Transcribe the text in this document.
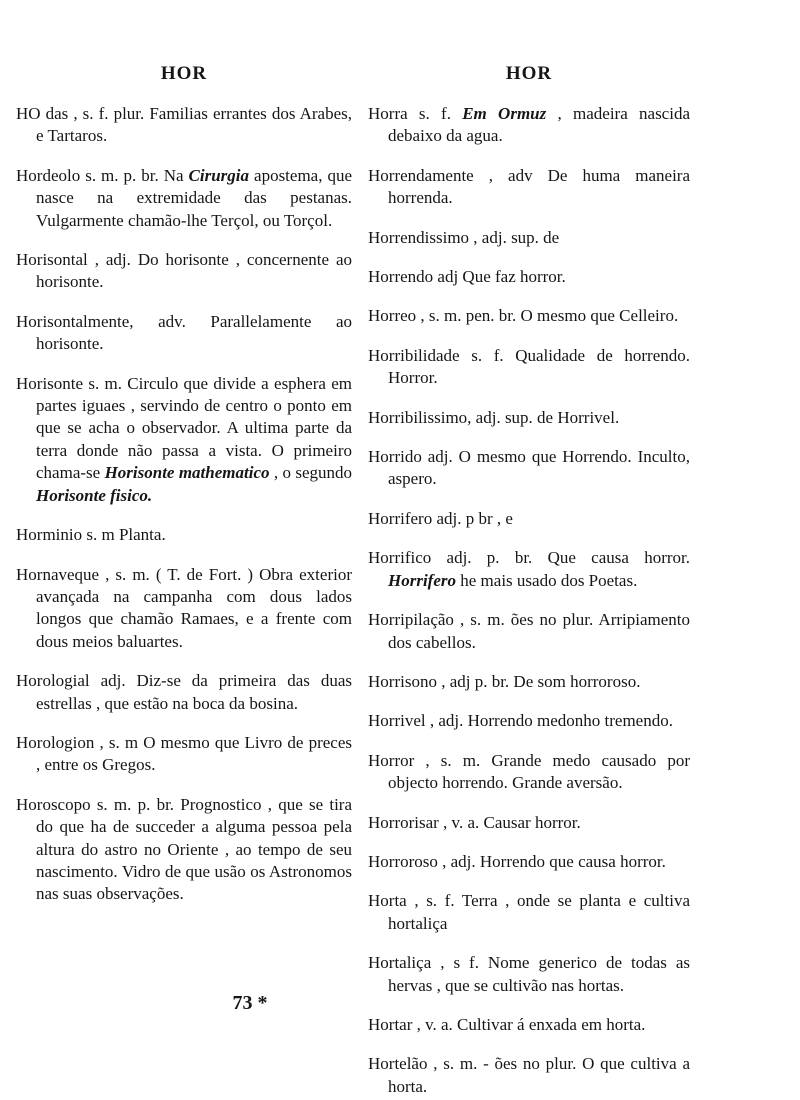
HOR

HO das , s. f. plur. Familias errantes dos Arabes, e Tartaros.

Hordeolo s. m. p. br. Na Cirurgia apostema, que nasce na extremidade das pestanas. Vulgarmente chamão-lhe Terçol, ou Torçol.

Horisontal , adj. Do horisonte , concernente ao horisonte.

Horisontalmente, adv. Parallelamente ao horisonte.

Horisonte s. m. Circulo que divide a esphera em partes iguaes , servindo de centro o ponto em que se acha o observador. A ultima parte da terra donde não passa a vista. O primeiro chama-se Horisonte mathematico , o segundo Horisonte fisico.

Horminio s. m Planta.

Hornaveque , s. m. ( T. de Fort. ) Obra exterior avançada na campanha com dous lados longos que chamão Ramaes, e a frente com dous meios baluartes.

Horologial adj. Diz-se da primeira das duas estrellas , que estão na boca da bosina.

Horologion , s. m O mesmo que Livro de preces , entre os Gregos.

Horoscopo s. m. p. br. Prognostico , que se tira do que ha de succeder a alguma pessoa pela altura do astro no Oriente , ao tempo de seu nascimento. Vidro de que usão os Astronomos nas suas observações.

HOR

Horra s. f. Em Ormuz , madeira nascida debaixo da agua.

Horrendamente , adv De huma maneira horrenda.

Horrendissimo , adj. sup. de

Horrendo adj Que faz horror.

Horreo , s. m. pen. br. O mesmo que Celleiro.

Horribilidade s. f. Qualidade de horrendo. Horror.

Horribilissimo, adj. sup. de Horrivel.

Horrido adj. O mesmo que Horrendo. Inculto, aspero.

Horrifero adj. p br , e

Horrifico adj. p. br. Que causa horror. Horrifero he mais usado dos Poetas.

Horripilação , s. m. ões no plur. Arripiamento dos cabellos.

Horrisono , adj p. br. De som horroroso.

Horrivel , adj. Horrendo medonho tremendo.

Horror , s. m. Grande medo causado por objecto horrendo. Grande aversão.

Horrorisar , v. a. Causar horror.

Horroroso , adj. Horrendo que causa horror.

Horta , s. f. Terra , onde se planta e cultiva hortaliça

Hortaliça , s f. Nome generico de todas as hervas , que se cultivão nas hortas.

Hortar , v. a. Cultivar á enxada em horta.

Hortelão , s. m. - ões no plur. O que cultiva a horta.

73 *
